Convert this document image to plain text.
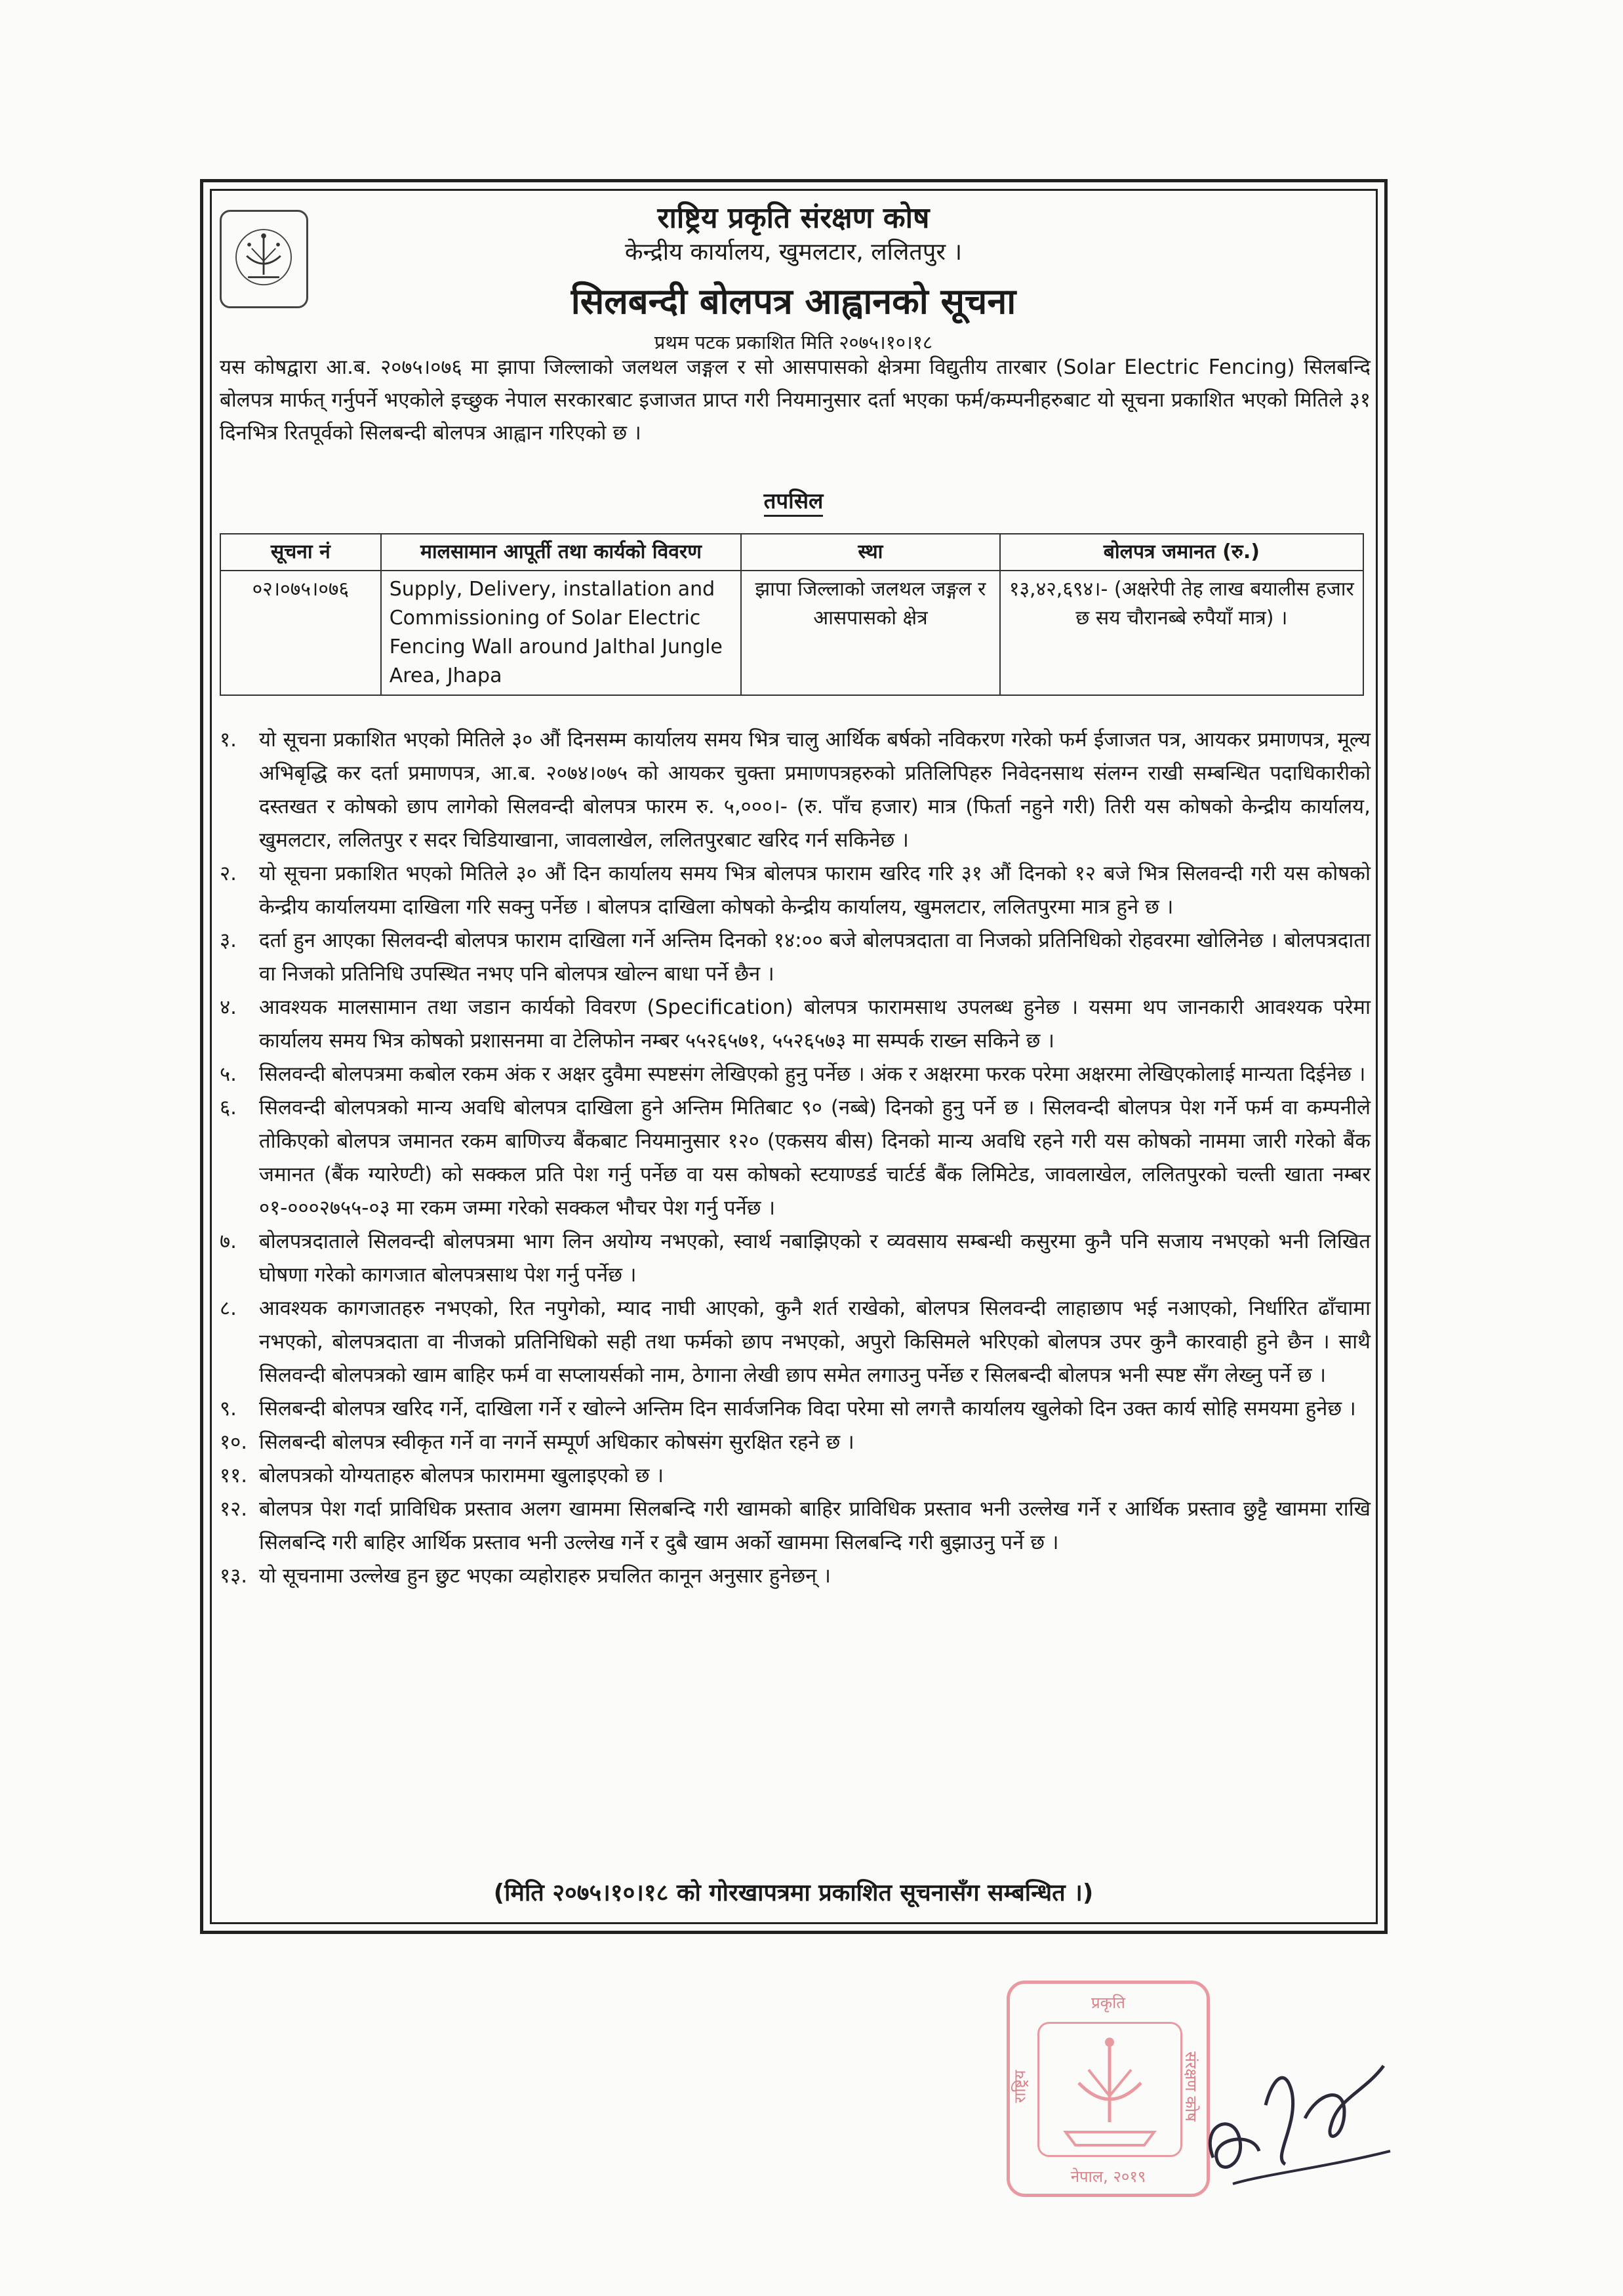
राष्ट्रिय प्रकृति संरक्षण कोष
केन्द्रीय कार्यालय, खुमलटार, ललितपुर ।
सिलबन्दी बोलपत्र आह्वानको सूचना
प्रथम पटक प्रकाशित मिति २०७५।१०।१८
यस कोषद्वारा आ.ब. २०७५।०७६ मा झापा जिल्लाको जलथल जङ्गल र सो आसपासको क्षेत्रमा विद्युतीय तारबार (Solar Electric Fencing) सिलबन्दि बोलपत्र मार्फत् गर्नुपर्ने भएकोले इच्छुक नेपाल सरकारबाट इजाजत प्राप्त गरी नियमानुसार दर्ता भएका फर्म/कम्पनीहरुबाट यो सूचना प्रकाशित भएको मितिले ३१ दिनभित्र रितपूर्वको सिलबन्दी बोलपत्र आह्वान गरिएको छ ।
तपसिल
सूचना नं	मालसामान आपूर्ती तथा कार्यको विवरण	स्था	बोलपत्र जमानत (रु.)
०२।०७५।०७६	Supply, Delivery, installation and Commissioning of Solar Electric Fencing Wall around Jalthal Jungle Area, Jhapa	झापा जिल्लाको जलथल जङ्गल र आसपासको क्षेत्र	१३,४२,६९४।- (अक्षरेपी तेह लाख बयालीस हजार छ सय चौरानब्बे रुपैयाँ मात्र) ।
१.	यो सूचना प्रकाशित भएको मितिले ३० औं दिनसम्म कार्यालय समय भित्र चालु आर्थिक बर्षको नविकरण गरेको फर्म ईजाजत पत्र, आयकर प्रमाणपत्र, मूल्य अभिबृद्धि कर दर्ता प्रमाणपत्र, आ.ब. २०७४।०७५ को आयकर चुक्ता प्रमाणपत्रहरुको प्रतिलिपिहरु निवेदनसाथ संलग्न राखी सम्बन्धित पदाधिकारीको दस्तखत र कोषको छाप लागेको सिलवन्दी बोलपत्र फारम रु. ५,०००।- (रु. पाँच हजार) मात्र (फिर्ता नहुने गरी) तिरी यस कोषको केन्द्रीय कार्यालय, खुमलटार, ललितपुर र सदर चिडियाखाना, जावलाखेल, ललितपुरबाट खरिद गर्न सकिनेछ ।
२.	यो सूचना प्रकाशित भएको मितिले ३० औं दिन कार्यालय समय भित्र बोलपत्र फाराम खरिद गरि ३१ औं दिनको १२ बजे भित्र सिलवन्दी गरी यस कोषको केन्द्रीय कार्यालयमा दाखिला गरि सक्नु पर्नेछ । बोलपत्र दाखिला कोषको केन्द्रीय कार्यालय, खुमलटार, ललितपुरमा मात्र हुने छ ।
३.	दर्ता हुन आएका सिलवन्दी बोलपत्र फाराम दाखिला गर्ने अन्तिम दिनको १४:०० बजे बोलपत्रदाता वा निजको प्रतिनिधिको रोहवरमा खोलिनेछ । बोलपत्रदाता वा निजको प्रतिनिधि उपस्थित नभए पनि बोलपत्र खोल्न बाधा पर्ने छैन ।
४.	आवश्यक मालसामान तथा जडान कार्यको विवरण (Specification) बोलपत्र फारामसाथ उपलब्ध हुनेछ । यसमा थप जानकारी आवश्यक परेमा कार्यालय समय भित्र कोषको प्रशासनमा वा टेलिफोन नम्बर ५५२६५७१, ५५२६५७३ मा सम्पर्क राख्न सकिने छ ।
५.	सिलवन्दी बोलपत्रमा कबोल रकम अंक र अक्षर दुवैमा स्पष्टसंग लेखिएको हुनु पर्नेछ । अंक र अक्षरमा फरक परेमा अक्षरमा लेखिएकोलाई मान्यता दिईनेछ ।
६.	सिलवन्दी बोलपत्रको मान्य अवधि बोलपत्र दाखिला हुने अन्तिम मितिबाट ९० (नब्बे) दिनको हुनु पर्ने छ । सिलवन्दी बोलपत्र पेश गर्ने फर्म वा कम्पनीले तोकिएको बोलपत्र जमानत रकम बाणिज्य बैंकबाट नियमानुसार १२० (एकसय बीस) दिनको मान्य अवधि रहने गरी यस कोषको नाममा जारी गरेको बैंक जमानत (बैंक ग्यारेण्टी) को सक्कल प्रति पेश गर्नु पर्नेछ वा यस कोषको स्टयाण्डर्ड चार्टर्ड बैंक लिमिटेड, जावलाखेल, ललितपुरको चल्ती खाता नम्बर ०१-०००२७५५-०३ मा रकम जम्मा गरेको सक्कल भौचर पेश गर्नु पर्नेछ ।
७.	बोलपत्रदाताले सिलवन्दी बोलपत्रमा भाग लिन अयोग्य नभएको, स्वार्थ नबाझिएको र व्यवसाय सम्बन्धी कसुरमा कुनै पनि सजाय नभएको भनी लिखित घोषणा गरेको कागजात बोलपत्रसाथ पेश गर्नु पर्नेछ ।
८.	आवश्यक कागजातहरु नभएको, रित नपुगेको, म्याद नाघी आएको, कुनै शर्त राखेको, बोलपत्र सिलवन्दी लाहाछाप भई नआएको, निर्धारित ढाँचामा नभएको, बोलपत्रदाता वा नीजको प्रतिनिधिको सही तथा फर्मको छाप नभएको, अपुरो किसिमले भरिएको बोलपत्र उपर कुनै कारवाही हुने छैन । साथै सिलवन्दी बोलपत्रको खाम बाहिर फर्म वा सप्लायर्सको नाम, ठेगाना लेखी छाप समेत लगाउनु पर्नेछ र सिलबन्दी बोलपत्र भनी स्पष्ट सँग लेख्नु पर्ने छ ।
९.	सिलबन्दी बोलपत्र खरिद गर्ने, दाखिला गर्ने र खोल्ने अन्तिम दिन सार्वजनिक विदा परेमा सो लगत्तै कार्यालय खुलेको दिन उक्त कार्य सोहि समयमा हुनेछ ।
१०. सिलबन्दी बोलपत्र स्वीकृत गर्ने वा नगर्ने सम्पूर्ण अधिकार कोषसंग सुरक्षित रहने छ ।
११. बोलपत्रको योग्यताहरु बोलपत्र फाराममा खुलाइएको छ ।
१२. बोलपत्र पेश गर्दा प्राविधिक प्रस्ताव अलग खाममा सिलबन्दि गरी खामको बाहिर प्राविधिक प्रस्ताव भनी उल्लेख गर्ने र आर्थिक प्रस्ताव छुट्टै खाममा राखि सिलबन्दि गरी बाहिर आर्थिक प्रस्ताव भनी उल्लेख गर्ने र दुबै खाम अर्को खाममा सिलबन्दि गरी बुझाउनु पर्ने छ ।
१३. यो सूचनामा उल्लेख हुन छुट भएका व्यहोराहरु प्रचलित कानून अनुसार हुनेछन् ।
(मिति २०७५।१०।१८ को गोरखापत्रमा प्रकाशित सूचनासँग सम्बन्धित ।)
प्रकृति
राष्ट्रिय	संरक्षण कोष
नेपाल, २०१९
